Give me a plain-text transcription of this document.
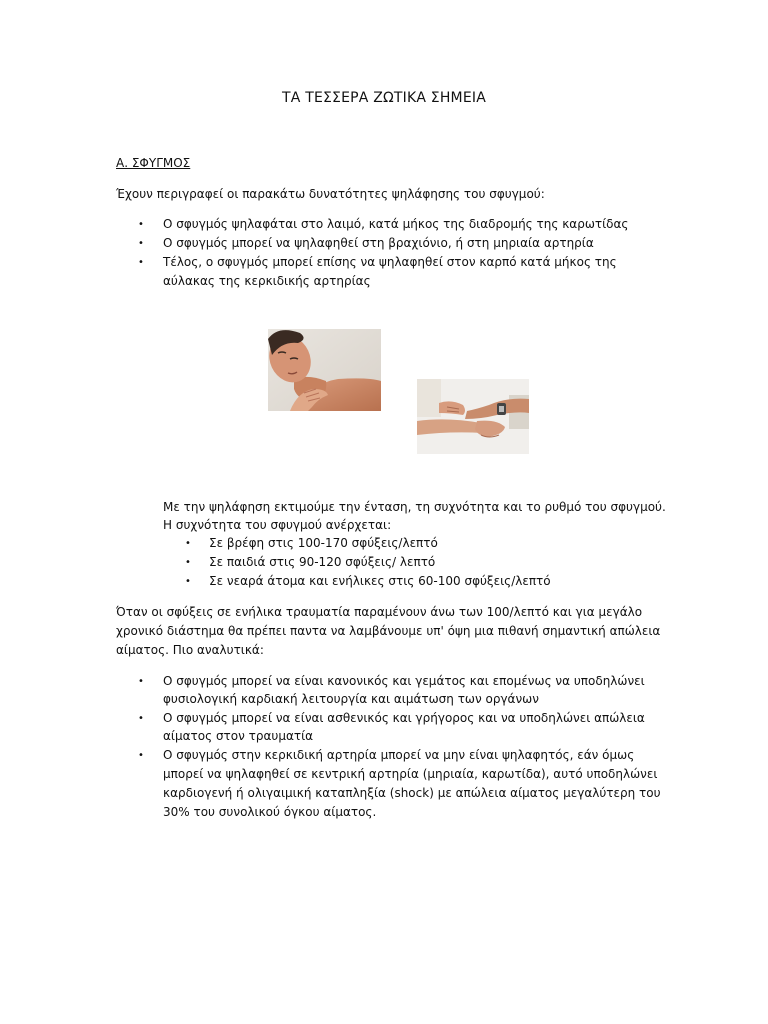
ΤΑ ΤΕΣΣΕΡΑ ΖΩΤΙΚΑ ΣΗΜΕΙΑ
Α. ΣΦΥΓΜΟΣ
Έχουν περιγραφεί οι παρακάτω δυνατότητες ψηλάφησης του σφυγμού:
• Ο σφυγμός ψηλαφάται στο λαιμό, κατά μήκος της διαδρομής της καρωτίδας
• Ο σφυγμός μπορεί να ψηλαφηθεί στη βραχιόνιο, ή στη μηριαία αρτηρία
• Τέλος, ο σφυγμός μπορεί επίσης να ψηλαφηθεί στον καρπό κατά μήκος της
αύλακας της κερκιδικής αρτηρίας
Με την ψηλάφηση εκτιμούμε την ένταση, τη συχνότητα και το ρυθμό του σφυγμού.
Η συχνότητα του σφυγμού ανέρχεται:
• Σε βρέφη στις 100-170 σφύξεις/λεπτό
• Σε παιδιά στις 90-120 σφύξεις/ λεπτό
• Σε νεαρά άτομα και ενήλικες στις 60-100 σφύξεις/λεπτό
Όταν οι σφύξεις σε ενήλικα τραυματία παραμένουν άνω των 100/λεπτό και για μεγάλο
χρονικό διάστημα θα πρέπει παντα να λαμβάνουμε υπ' όψη μια πιθανή σημαντική απώλεια
αίματος. Πιο αναλυτικά:
• Ο σφυγμός μπορεί να είναι κανονικός και γεμάτος και επομένως να υποδηλώνει
φυσιολογική καρδιακή λειτουργία και αιμάτωση των οργάνων
• Ο σφυγμός μπορεί να είναι ασθενικός και γρήγορος και να υποδηλώνει απώλεια
αίματος στον τραυματία
• Ο σφυγμός στην κερκιδική αρτηρία μπορεί να μην είναι ψηλαφητός, εάν όμως
μπορεί να ψηλαφηθεί σε κεντρική αρτηρία (μηριαία, καρωτίδα), αυτό υποδηλώνει
καρδιογενή ή ολιγαιμική καταπληξία (shock) με απώλεια αίματος μεγαλύτερη του
30% του συνολικού όγκου αίματος.
